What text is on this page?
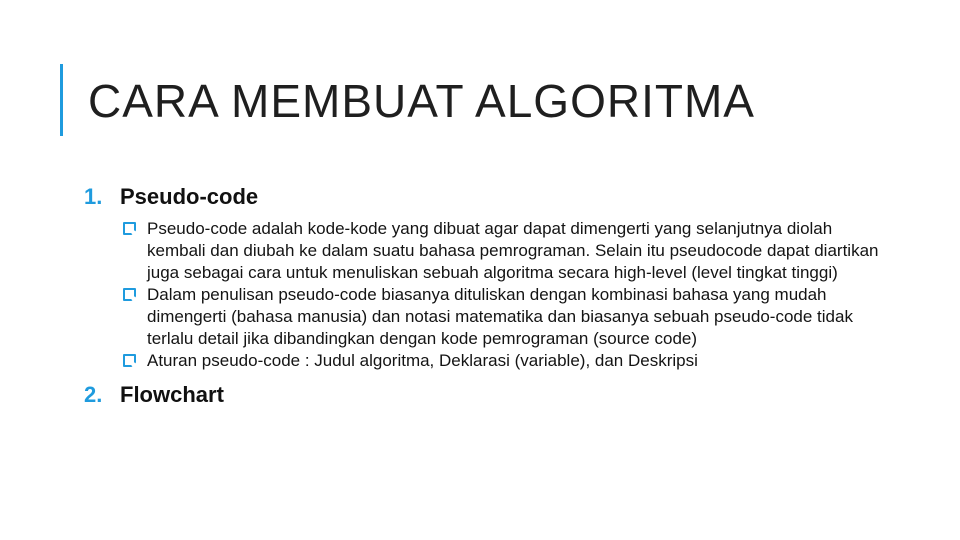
CARA MEMBUAT ALGORITMA
1. Pseudo-code
Pseudo-code adalah kode-kode yang dibuat agar dapat dimengerti yang selanjutnya diolah kembali dan diubah ke dalam suatu bahasa pemrograman. Selain itu pseudocode dapat diartikan juga sebagai cara untuk menuliskan sebuah algoritma secara high-level (level tingkat tinggi)
Dalam penulisan pseudo-code biasanya dituliskan dengan kombinasi bahasa yang mudah dimengerti (bahasa manusia) dan notasi matematika dan biasanya sebuah pseudo-code tidak terlalu detail jika dibandingkan dengan kode pemrograman (source code)
Aturan pseudo-code : Judul algoritma, Deklarasi (variable), dan Deskripsi
2. Flowchart
